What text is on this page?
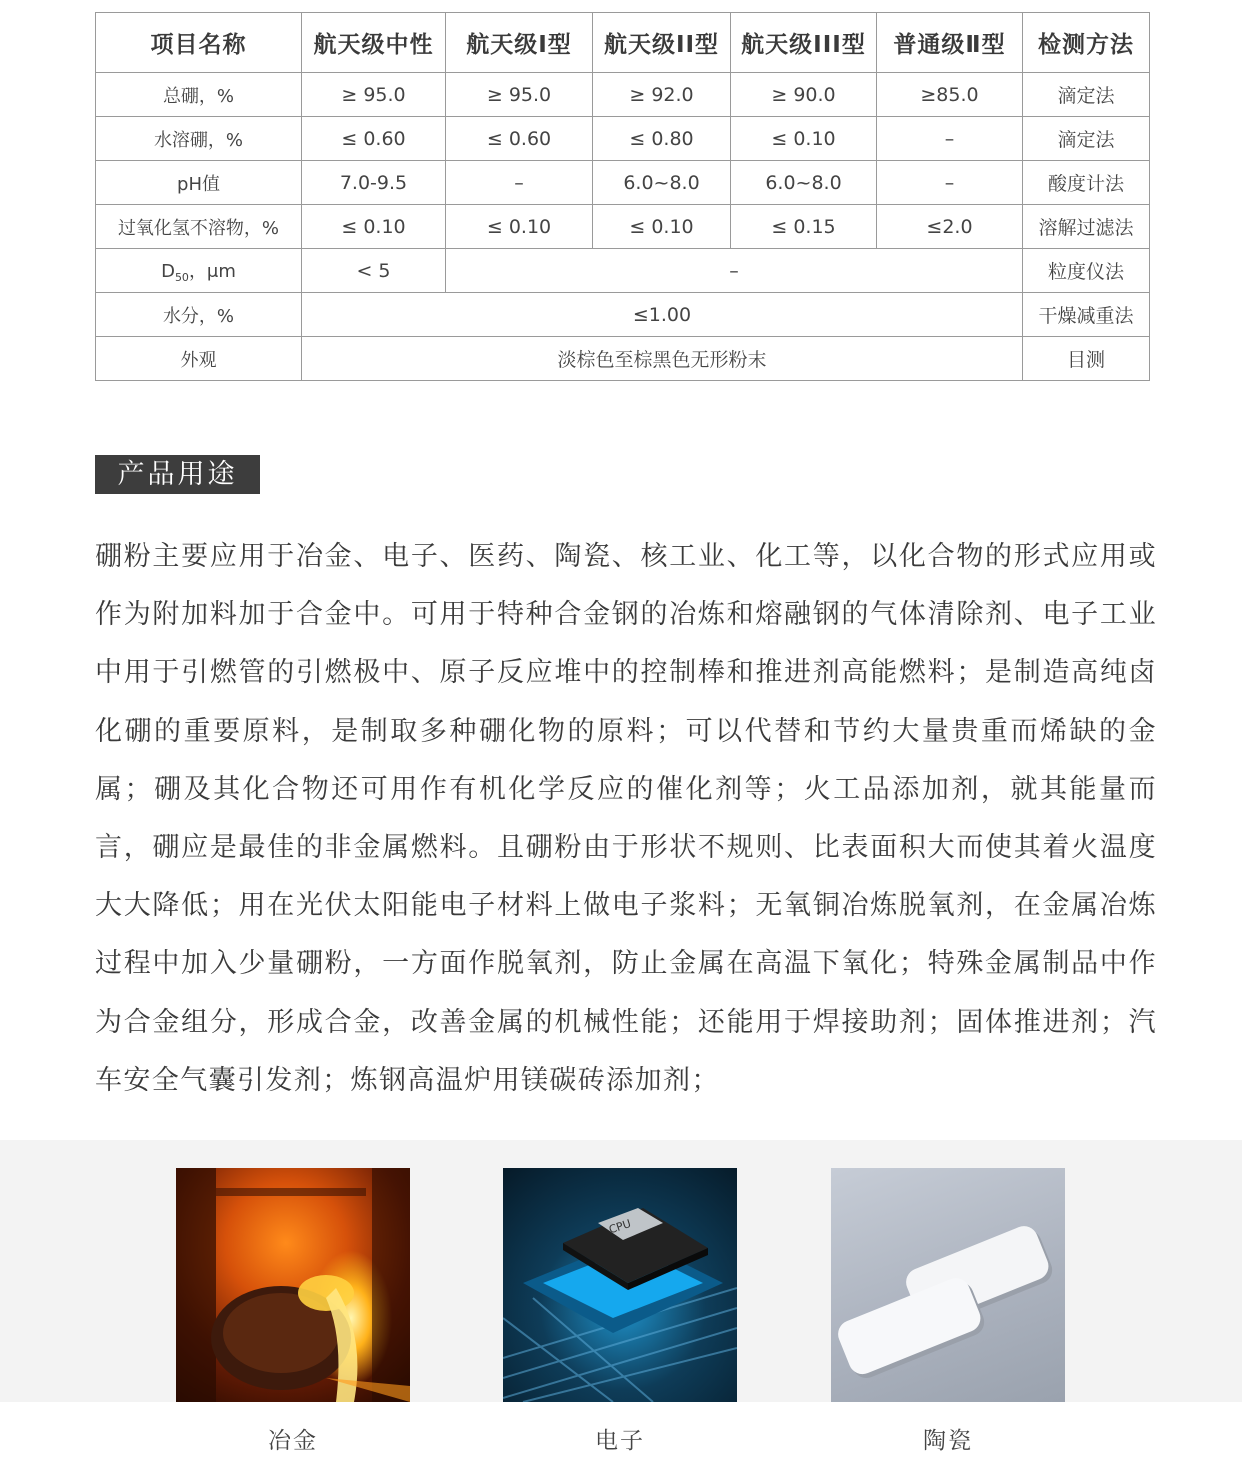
项目名称	航天级中性	航天级Ⅰ型	航天级II型	航天级III型	普通级Ⅱ型	检测方法
总硼，%	≥ 95.0	≥ 95.0	≥ 92.0	≥ 90.0	≥85.0	滴定法
水溶硼，%	≤ 0.60	≤ 0.60	≤ 0.80	≤ 0.10	–	滴定法
pH值	7.0-9.5	–	6.0~8.0	6.0~8.0	–	酸度计法
过氧化氢不溶物，%	≤ 0.10	≤ 0.10	≤ 0.10	≤ 0.15	≤2.0	溶解过滤法
$D_{50}$，μm	< 5	–				粒度仪法
水分，%	≤1.00					干燥减重法
外观	淡棕色至棕黑色无形粉末					目测
产品用途

硼粉主要应用于冶金、电子、医药、陶瓷、核工业、化工等，以化合物的形式应用或作为附加料加于合金中。可用于特种合金钢的冶炼和熔融钢的气体清除剂、电子工业中用于引燃管的引燃极中、原子反应堆中的控制棒和推进剂高能燃料；是制造高纯卤化硼的重要原料，是制取多种硼化物的原料；可以代替和节约大量贵重而烯缺的金属；硼及其化合物还可用作有机化学反应的催化剂等；火工品添加剂，就其能量而言，硼应是最佳的非金属燃料。且硼粉由于形状不规则、比表面积大而使其着火温度大大降低；用在光伏太阳能电子材料上做电子浆料；无氧铜冶炼脱氧剂，在金属冶炼过程中加入少量硼粉，一方面作脱氧剂，防止金属在高温下氧化；特殊金属制品中作为合金组分，形成合金，改善金属的机械性能；还能用于焊接助剂；固体推进剂；汽车安全气囊引发剂；炼钢高温炉用镁碳砖添加剂；

冶金
CPU
电子	陶瓷
